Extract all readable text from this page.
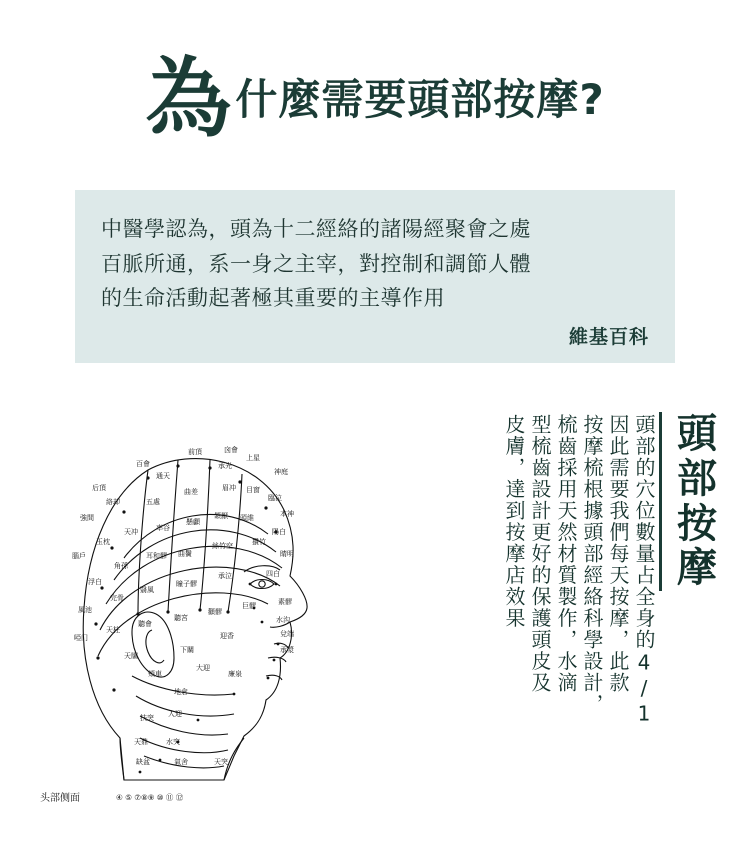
為 什麼需要頭部按摩?
中醫學認為，頭為十二經絡的諸陽經聚會之處
百脈所通，系一身之主宰，對控制和調節人體
的生命活動起著極其重要的主導作用
維基百科
頭
部
按
摩
頭部的穴位數量占全身的4/1
因此需要我們每天按摩，此款
按摩梳根據頭部經絡科學設計，
梳齒採用天然材質製作，水滴
型梳齒設計更好的保護頭皮及
皮膚，達到按摩店效果
前頂	囟會
百會
后頂
通天
承光
上星
神庭
強間
絡却	五處
曲差	眉冲 目窗
臨泣
本神
腦戶
玉枕
天冲	率谷
懸顱
頷厭 頭維
陽白
浮白
角孫
耳和髎 曲鬢
絲竹空	攢竹
睛明
風池
完骨
翳風
瞳子髎
承泣	四白
啞门
天柱
聽會
聽宮
顴髎
巨髎	素髎
水沟
兌端
承漿
天牖
下關
迎香
大迎
廉泉
頰車
地倉
人迎
扶突
天鼎	水突
缺盆	氣舍	天突
④ ⑤ ⑦⑧⑨ ⑩ ⑪ ⑫
头部侧面
